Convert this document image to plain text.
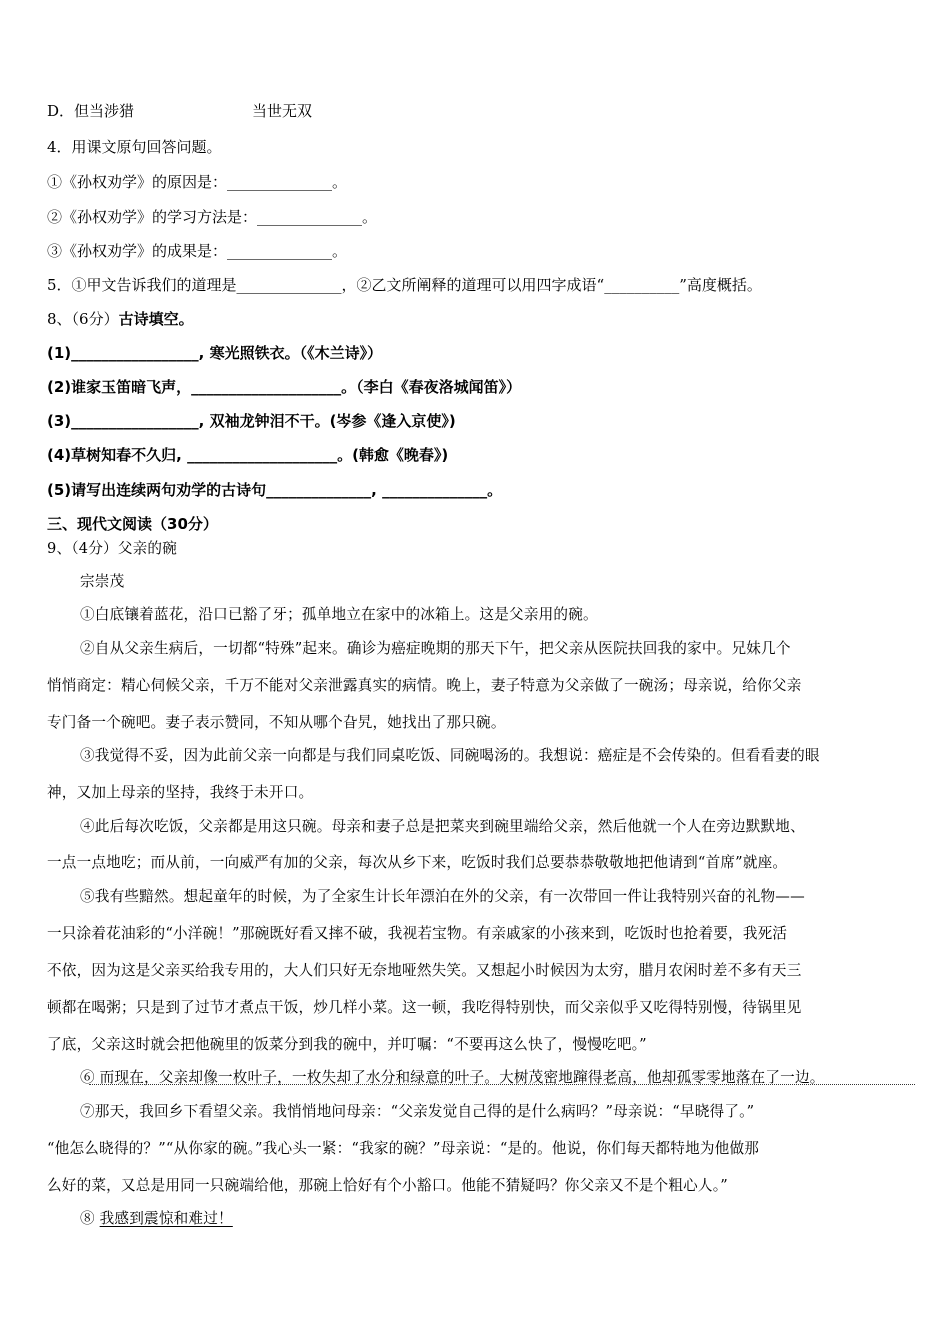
D．但当涉猎	当世无双
4．用课文原句回答问题。
①《孙权劝学》的原因是：______________。
②《孙权劝学》的学习方法是：______________。
③《孙权劝学》的成果是：______________。
5．①甲文告诉我们的道理是______________，②乙文所阐释的道理可以用四字成语“__________”高度概括。
8、（6分）古诗填空。
(1)_________________, 寒光照铁衣。（《木兰诗》）
(2)谁家玉笛暗飞声，____________________。（李白《春夜洛城闻笛》）
(3)_________________, 双袖龙钟泪不干。(岑参《逢入京使》)
(4)草树知春不久归, ____________________。(韩愈《晚春》)
(5)请写出连续两句劝学的古诗句______________, ______________。
三、现代文阅读（30分）
9、（4分）父亲的碗
宗崇茂
①白底镶着蓝花，沿口已豁了牙；孤单地立在家中的冰箱上。这是父亲用的碗。
②自从父亲生病后，一切都“特殊”起来。确诊为癌症晚期的那天下午，把父亲从医院扶回我的家中。兄妹几个
悄悄商定：精心伺候父亲，千万不能对父亲泄露真实的病情。晚上，妻子特意为父亲做了一碗汤；母亲说，给你父亲
专门备一个碗吧。妻子表示赞同，不知从哪个旮旯，她找出了那只碗。
③我觉得不妥，因为此前父亲一向都是与我们同桌吃饭、同碗喝汤的。我想说：癌症是不会传染的。但看看妻的眼
神，又加上母亲的坚持，我终于未开口。
④此后每次吃饭，父亲都是用这只碗。母亲和妻子总是把菜夹到碗里端给父亲，然后他就一个人在旁边默默地、
一点一点地吃；而从前，一向威严有加的父亲，每次从乡下来，吃饭时我们总要恭恭敬敬地把他请到“首席”就座。
⑤我有些黯然。想起童年的时候，为了全家生计长年漂泊在外的父亲，有一次带回一件让我特别兴奋的礼物——
一只涂着花油彩的“小洋碗！”那碗既好看又摔不破，我视若宝物。有亲戚家的小孩来到，吃饭时也抢着要，我死活
不依，因为这是父亲买给我专用的，大人们只好无奈地哑然失笑。又想起小时候因为太穷，腊月农闲时差不多有天三
顿都在喝粥；只是到了过节才煮点干饭，炒几样小菜。这一顿，我吃得特别快，而父亲似乎又吃得特别慢，待锅里见
了底，父亲这时就会把他碗里的饭菜分到我的碗中，并叮嘱：“不要再这么快了，慢慢吃吧。”
⑥ 而现在，父亲却像一枚叶子，一枚失却了水分和绿意的叶子。大树茂密地蹿得老高，他却孤零零地落在了一边。
⑦那天，我回乡下看望父亲。我悄悄地问母亲：“父亲发觉自己得的是什么病吗？”母亲说：“早晓得了。”
“他怎么晓得的？”“从你家的碗。”我心头一紧：“我家的碗？”母亲说：“是的。他说，你们每天都特地为他做那
么好的菜，又总是用同一只碗端给他，那碗上恰好有个小豁口。他能不猜疑吗？你父亲又不是个粗心人。”
⑧ 我感到震惊和难过！
